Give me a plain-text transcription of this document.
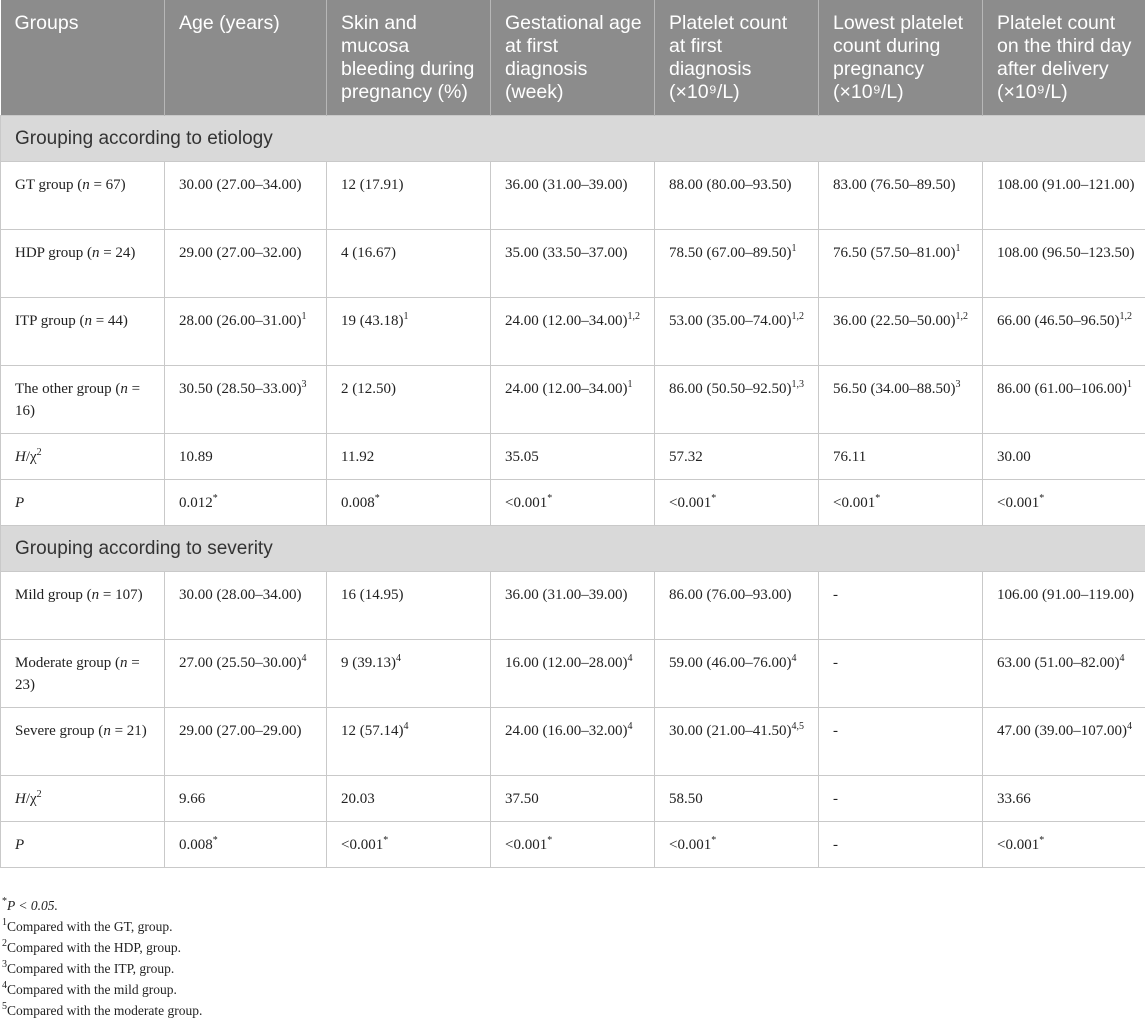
Groups	Age (years)	Skin and mucosa bleeding during pregnancy (%)	Gestational age at first diagnosis (week)	Platelet count at first diagnosis (×10⁹/L)	Lowest platelet count during pregnancy (×10⁹/L)	Platelet count on the third day after delivery (×10⁹/L)
Grouping according to etiology						
GT group (n = 67)	30.00 (27.00–34.00)	12 (17.91)	36.00 (31.00–39.00)	88.00 (80.00–93.50)	83.00 (76.50–89.50)	108.00 (91.00–121.00)
HDP group (n = 24)	29.00 (27.00–32.00)	4 (16.67)	35.00 (33.50–37.00)	78.50 $(67.00-89.50)^1$	76.50 $(57.50-81.00)^1$	108.00 (96.50–123.50)
ITP group (n = 44)	28.00 $(26.00-31.00)^1$	19 $(43.18)^1$	24.00 $(12.00-34.00)^{1,2}$	53.00 $(35.00-74.00)^{1,2}$	36.00 $(22.50-50.00)^{1,2}$	66.00 $(46.50-96.50)^{1,2}$
The other group (n = 16)	30.50 $(28.50-33.00)^3$	2 (12.50)	24.00 $(12.00-34.00)^1$	86.00 $(50.50-92.50)^{1,3}$	56.50 $(34.00-88.50)^3$	86.00 $(61.00-106.00)^1$
$H/\chi^2$	10.89	11.92	35.05	57.32	76.11	30.00
P	0.012*	0.008*	<0.001*	<0.001*	<0.001*	<0.001*
Grouping according to severity						
Mild group (n = 107)	30.00 (28.00–34.00)	16 (14.95)	36.00 (31.00–39.00)	86.00 (76.00–93.00)	-	106.00 (91.00–119.00)
Moderate group (n = 23)	27.00 $(25.50-30.00)^4$	9 $(39.13)^4$	16.00 $(12.00-28.00)^4$	59.00 $(46.00-76.00)^4$	-	63.00 $(51.00-82.00)^4$
Severe group (n = 21)	29.00 (27.00–29.00)	12 $(57.14)^4$	24.00 $(16.00-32.00)^4$	30.00 $(21.00-41.50)^{4,5}$	-	47.00 $(39.00-107.00)^4$
$H/\chi^2$	9.66	20.03	37.50	58.50	-	33.66
P	0.008*	<0.001*	<0.001*	<0.001*	-	<0.001*
*P < 0.05.
$^1$Compared with the GT, group.
$^2$Compared with the HDP, group.
$^3$Compared with the ITP, group.
$^4$Compared with the mild group.
$^5$Compared with the moderate group.
